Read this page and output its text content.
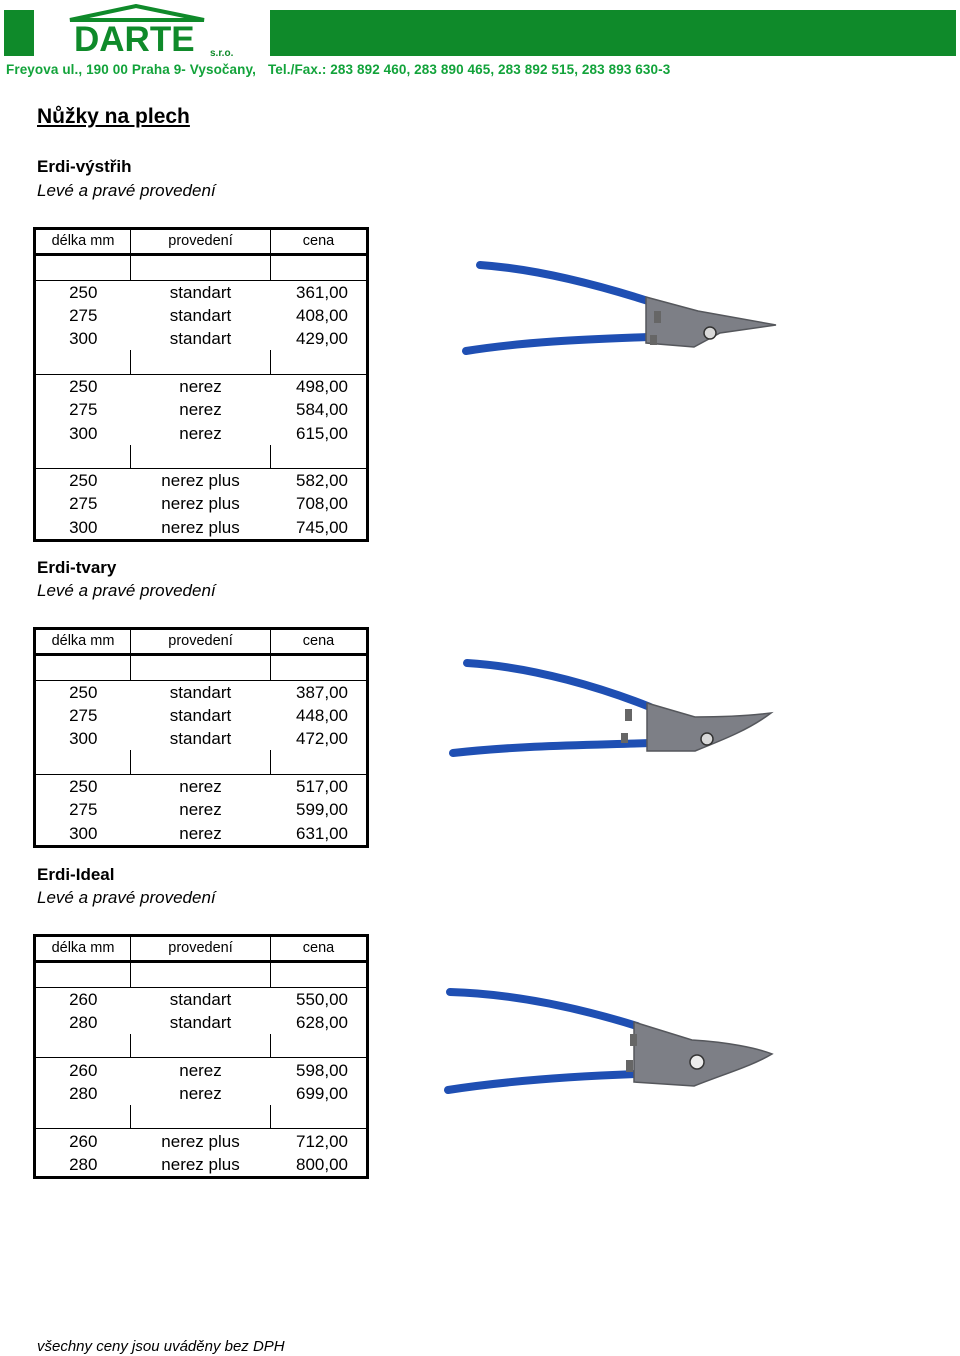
DARTE s.r.o.
Freyova ul., 190 00 Praha 9- Vysočany, Tel./Fax.: 283 892 460, 283 890 465, 283 892 515, 283 893 630-3
Nůžky na plech
Erdi-výstřih

Levé a pravé provedení

délka mm	provedení	cena

250	standart	361,00
275	standart	408,00
300	standart	429,00

250	nerez	498,00
275	nerez	584,00
300	nerez	615,00

250	nerez plus	582,00
275	nerez plus	708,00
300	nerez plus	745,00
Erdi-tvary

Levé a pravé provedení

délka mm	provedení	cena

250	standart	387,00
275	standart	448,00
300	standart	472,00

250	nerez	517,00
275	nerez	599,00
300	nerez	631,00
Erdi-Ideal

Levé a pravé provedení

délka mm	provedení	cena

260	standart	550,00
280	standart	628,00

260	nerez	598,00
280	nerez	699,00

260	nerez plus	712,00
280	nerez plus	800,00

všechny ceny jsou uváděny bez DPH
